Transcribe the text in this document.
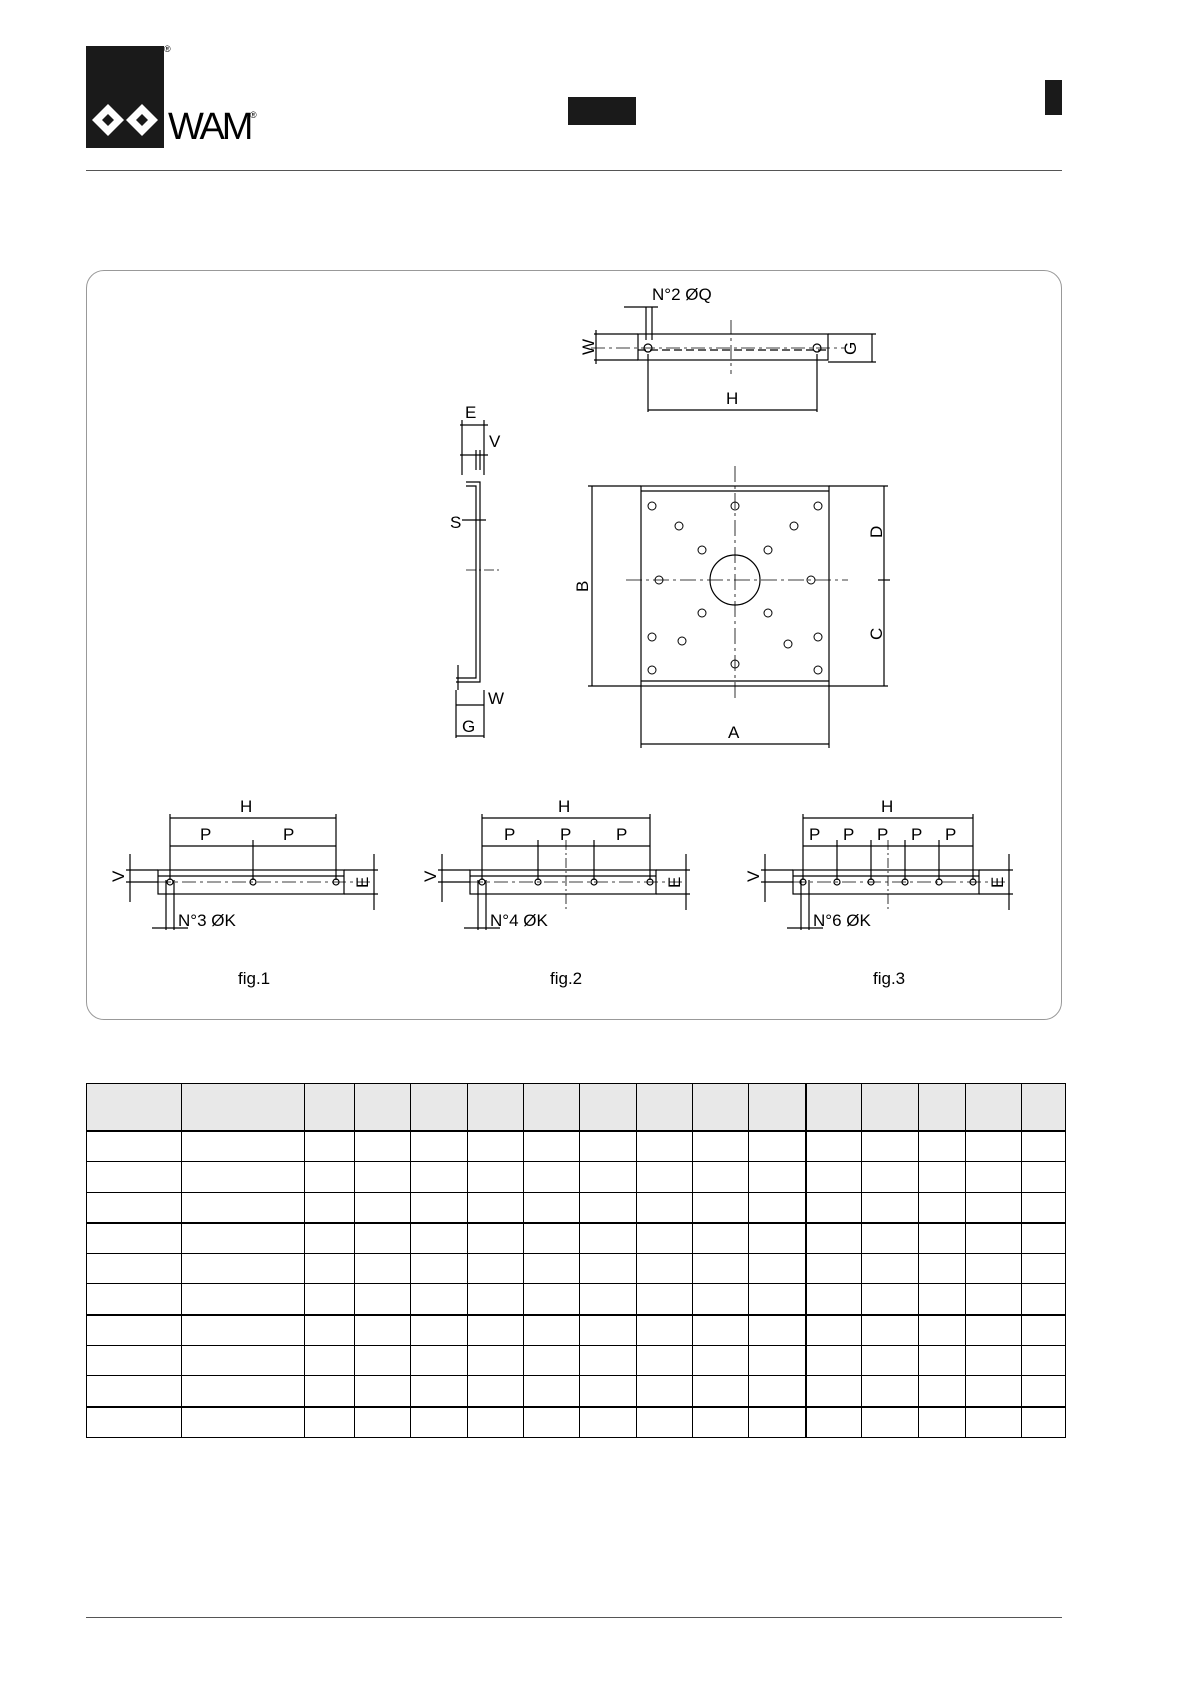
®
WAM ®
N°2 ØQ
W	G
H
E
V
S
W
G
B
D
C
A
H
P	P
V
E
N°3 ØK
fig.1
H
P	P	P
V
E
N°4 ØK
fig.2
H
P P P P P
V
E
N°6 ØK
fig.3
